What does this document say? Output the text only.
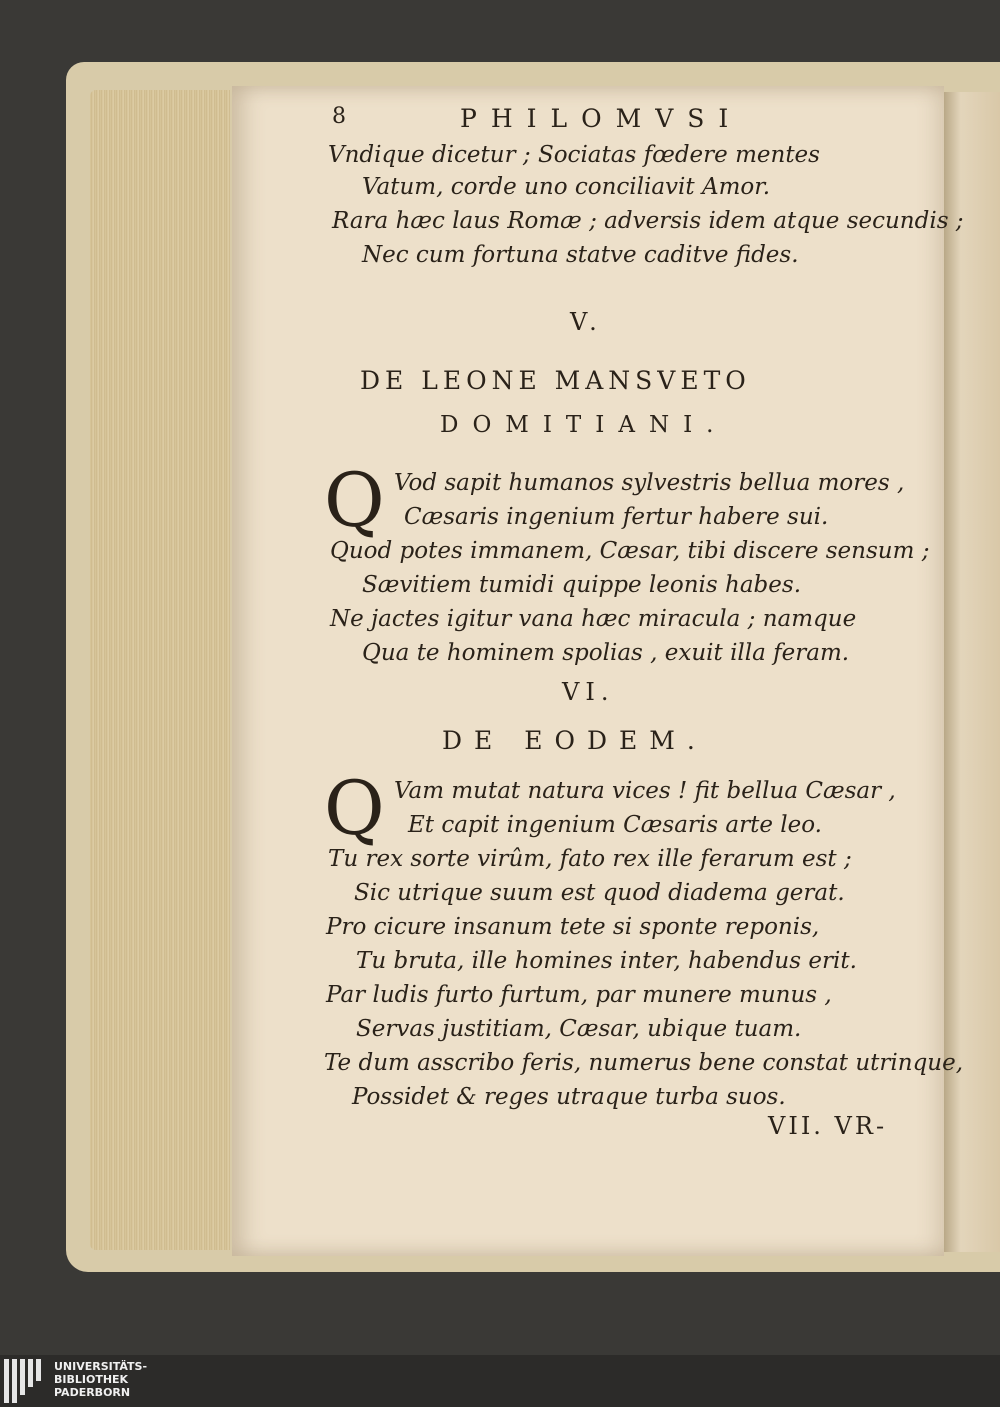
8	PHILOMVSI
Vndique dicetur ; Sociatas fœdere mentes
Vatum, corde uno conciliavit Amor.
Rara hæc laus Romæ ; adversis idem atque secundis ;
Nec cum fortuna statve caditve fides.
V.
DE LEONE MANSVETO
DOMITIANI.
Q Vod sapit humanos sylvestris bellua mores ,
Cæsaris ingenium fertur habere sui.
Quod potes immanem, Cæsar, tibi discere sensum ;
Sævitiem tumidi quippe leonis habes.
Ne jactes igitur vana hæc miracula ; namque
Qua te hominem spolias , exuit illa feram.
VI.
DE EODEM.
Q Vam mutat natura vices ! fit bellua Cæsar ,
Et capit ingenium Cæsaris arte leo.
Tu rex sorte virûm, fato rex ille ferarum est ;
Sic utrique suum est quod diadema gerat.
Pro cicure insanum tete si sponte reponis,
Tu bruta, ille homines inter, habendus erit.
Par ludis furto furtum, par munere munus ,
Servas justitiam, Cæsar, ubique tuam.
Te dum asscribo feris, numerus bene constat utrinque,
Possidet & reges utraque turba suos.
VII. VR-
UNIVERSITÄTS-
BIBLIOTHEK
PADERBORN
